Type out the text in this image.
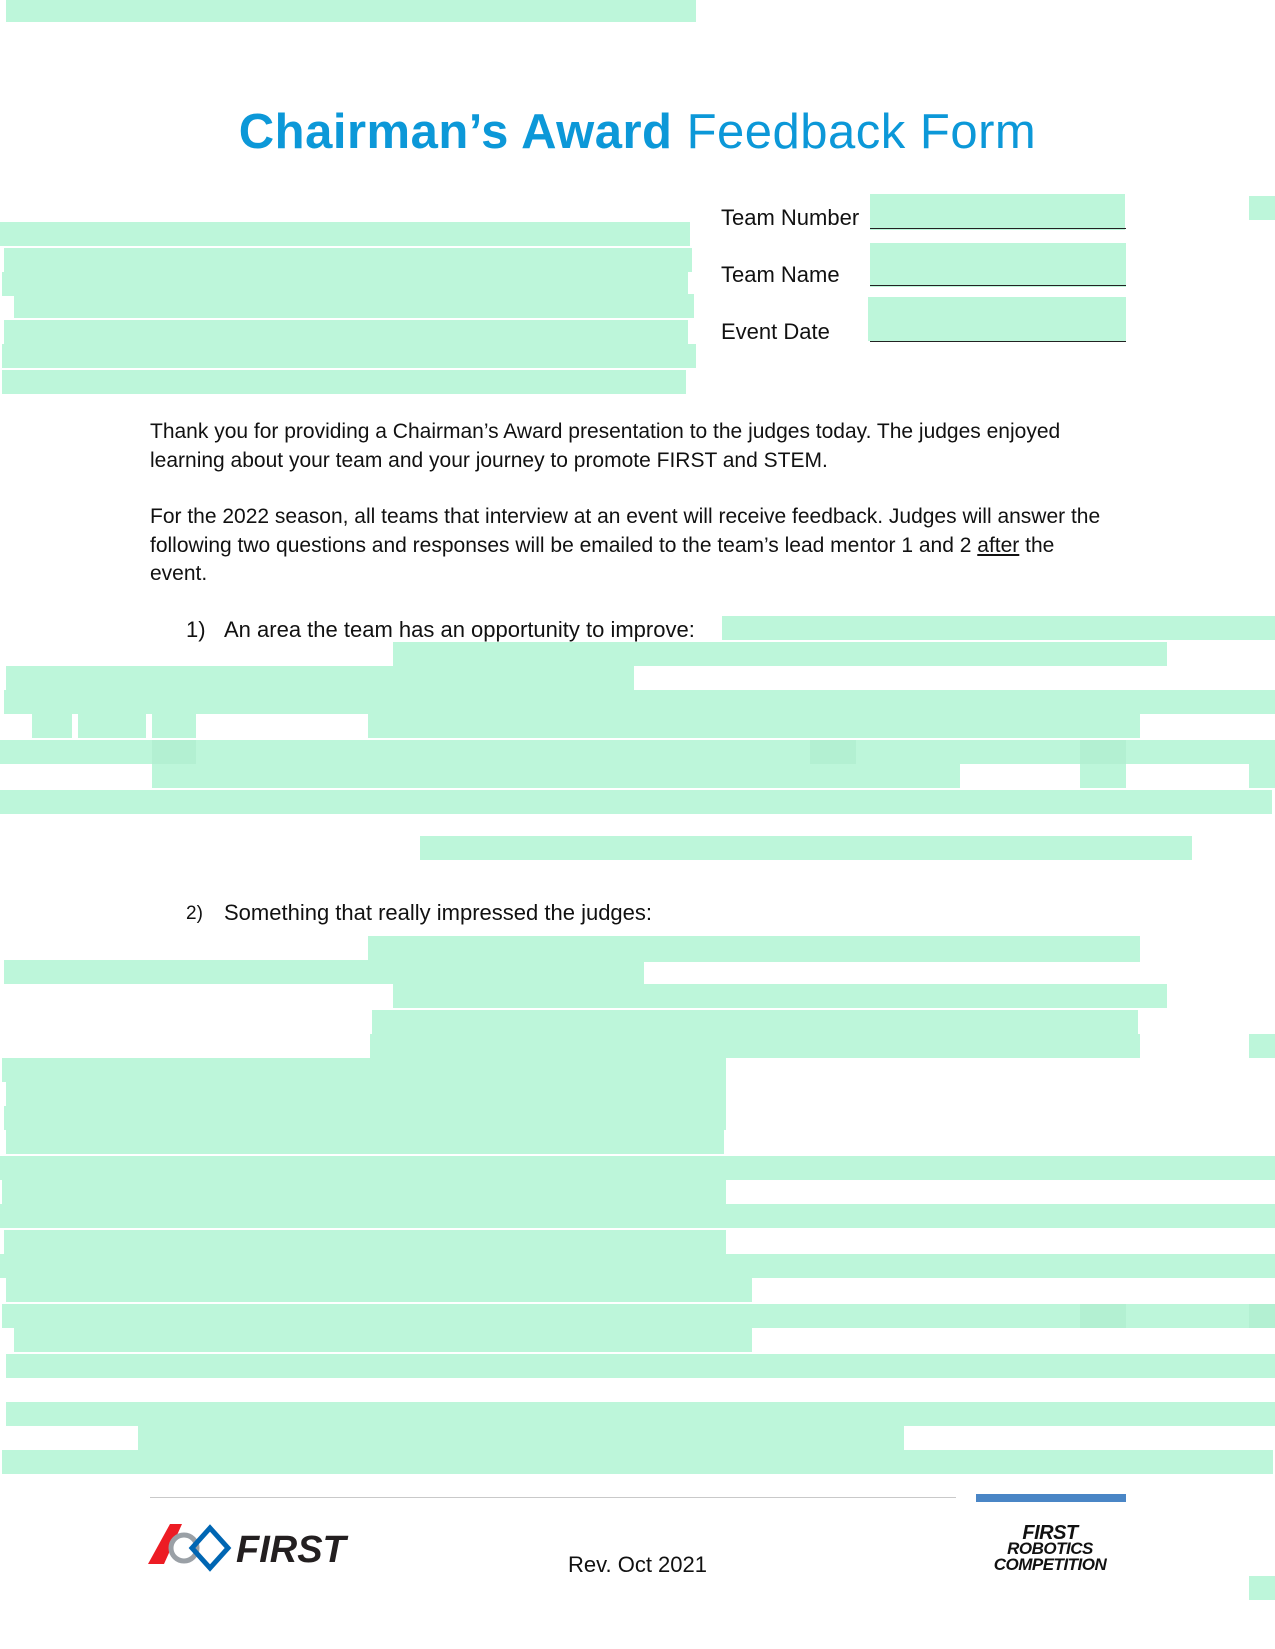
Chairman’s Award Feedback Form
Team Number
Team Name
Event Date
Thank you for providing a Chairman’s Award presentation to the judges today. The judges enjoyed learning about your team and your journey to promote FIRST and STEM.
For the 2022 season, all teams that interview at an event will receive feedback. Judges will answer the following two questions and responses will be emailed to the team’s lead mentor 1 and 2 after the event.
1) An area the team has an opportunity to improve:
2) Something that really impressed the judges:
FIRST	Rev. Oct 2021
FIRST
ROBOTICS
COMPETITION
